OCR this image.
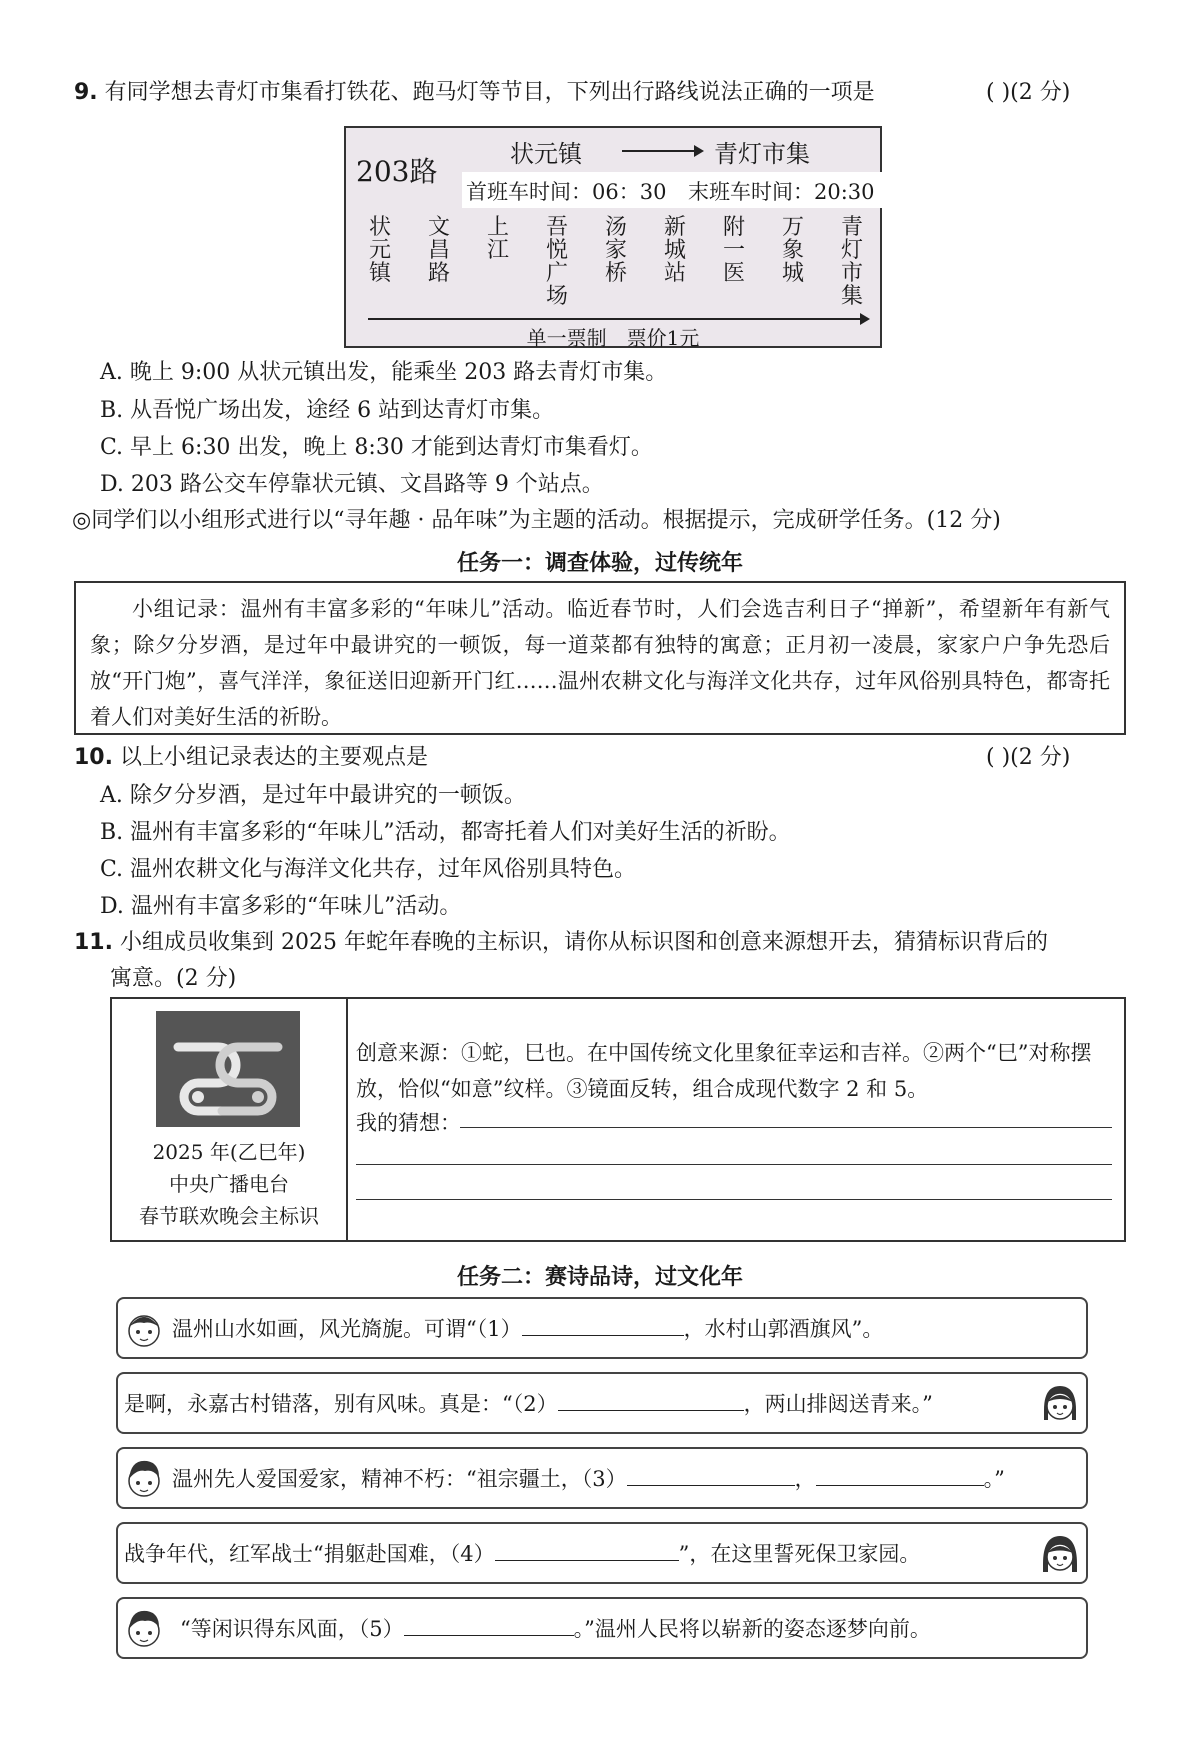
9. 有同学想去青灯市集看打铁花、跑马灯等节目，下列出行路线说法正确的一项是	( )(2 分)
203路
状元镇	青灯市集
首班车时间：06：30 末班车时间：20:30
状元镇
文昌路
上江
吾悦广场
汤家桥
新城站
附一医
万象城
青灯市集
单一票制　票价1元
A. 晚上 9:00 从状元镇出发，能乘坐 203 路去青灯市集。
B. 从吾悦广场出发，途经 6 站到达青灯市集。
C. 早上 6:30 出发，晚上 8:30 才能到达青灯市集看灯。
D. 203 路公交车停靠状元镇、文昌路等 9 个站点。
◎同学们以小组形式进行以“寻年趣 · 品年味”为主题的活动。根据提示，完成研学任务。(12 分)
任务一：调查体验，过传统年
小组记录：温州有丰富多彩的“年味儿”活动。临近春节时，人们会选吉利日子“掸新”，希望新年有新气象；除夕分岁酒，是过年中最讲究的一顿饭，每一道菜都有独特的寓意；正月初一凌晨，家家户户争先恐后放“开门炮”，喜气洋洋，象征送旧迎新开门红……温州农耕文化与海洋文化共存，过年风俗别具特色，都寄托着人们对美好生活的祈盼。
10. 以上小组记录表达的主要观点是	( )(2 分)
A. 除夕分岁酒，是过年中最讲究的一顿饭。
B. 温州有丰富多彩的“年味儿”活动，都寄托着人们对美好生活的祈盼。
C. 温州农耕文化与海洋文化共存，过年风俗别具特色。
D. 温州有丰富多彩的“年味儿”活动。
11. 小组成员收集到 2025 年蛇年春晚的主标识，请你从标识图和创意来源想开去，猜猜标识背后的
寓意。(2 分)
2025 年(乙巳年)
中央广播电台
春节联欢晚会主标识
创意来源：①蛇，巳也。在中国传统文化里象征幸运和吉祥。②两个“巳”对称摆放，恰似“如意”纹样。③镜面反转，组合成现代数字 2 和 5。
我的猜想：
任务二：赛诗品诗，过文化年
温州山水如画，风光旖旎。可谓“（1）	，水村山郭酒旗风”。
是啊，永嘉古村错落，别有风味。真是：“（2）	，两山排闼送青来。”
温州先人爱国爱家，精神不朽：“祖宗疆土，（3）	，	。”
战争年代，红军战士“捐躯赴国难，（4）	”，在这里誓死保卫家园。
“等闲识得东风面，（5）	。”温州人民将以崭新的姿态逐梦向前。
